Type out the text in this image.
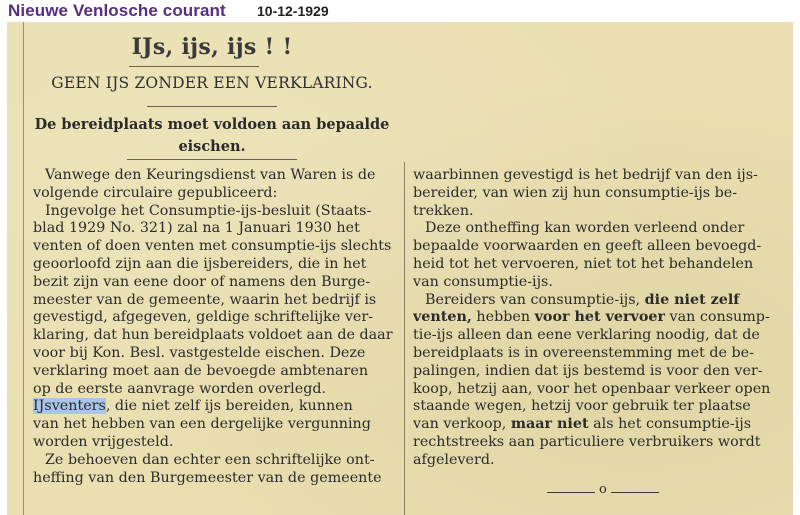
Nieuwe Venlosche courant 10-12-1929
IJs, ijs, ijs ! !
GEEN IJS ZONDER EEN VERKLARING.
De bereidplaats moet voldoen aan bepaalde
eischen.
Vanwege den Keuringsdienst van Waren is de
volgende circulaire gepubliceerd:
Ingevolge het Consumptie-ijs-besluit (Staats-
blad 1929 No. 321) zal na 1 Januari 1930 het
venten of doen venten met consumptie-ijs slechts
geoorloofd zijn aan die ijsbereiders, die in het
bezit zijn van eene door of namens den Burge-
meester van de gemeente, waarin het bedrijf is
gevestigd, afgegeven, geldige schriftelijke ver-
klaring, dat hun bereidplaats voldoet aan de daar
voor bij Kon. Besl. vastgestelde eischen. Deze
verklaring moet aan de bevoegde ambtenaren
op de eerste aanvrage worden overlegd.
IJsventers, die niet zelf ijs bereiden, kunnen
van het hebben van een dergelijke vergunning
worden vrijgesteld.
Ze behoeven dan echter een schriftelijke ont-
heffing van den Burgemeester van de gemeente
waarbinnen gevestigd is het bedrijf van den ijs-
bereider, van wien zij hun consumptie-ijs be-
trekken.
Deze ontheffing kan worden verleend onder
bepaalde voorwaarden en geeft alleen bevoegd-
heid tot het vervoeren, niet tot het behandelen
van consumptie-ijs.
Bereiders van consumptie-ijs, die niet zelf
venten, hebben voor het vervoer van consump-
tie-ijs alleen dan eene verklaring noodig, dat de
bereidplaats is in overeenstemming met de be-
palingen, indien dat ijs bestemd is voor den ver-
koop, hetzij aan, voor het openbaar verkeer open
staande wegen, hetzij voor gebruik ter plaatse
van verkoop, maar niet als het consumptie-ijs
rechtstreeks aan particuliere verbruikers wordt
afgeleverd.
o
